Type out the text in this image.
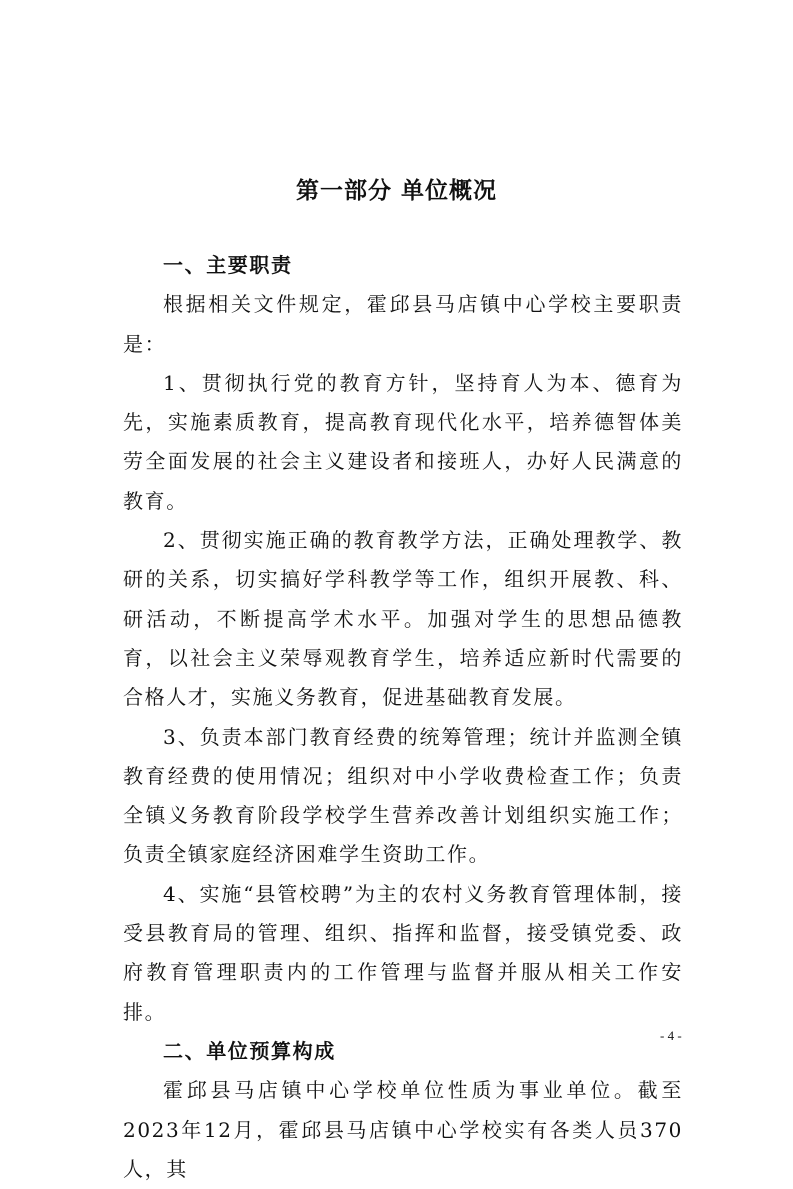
第一部分 单位概况
一、主要职责

根据相关文件规定，霍邱县马店镇中心学校主要职责是：

1、贯彻执行党的教育方针，坚持育人为本、德育为先，实施素质教育，提高教育现代化水平，培养德智体美劳全面发展的社会主义建设者和接班人，办好人民满意的教育。

2、贯彻实施正确的教育教学方法，正确处理教学、教研的关系，切实搞好学科教学等工作，组织开展教、科、研活动，不断提高学术水平。加强对学生的思想品德教育，以社会主义荣辱观教育学生，培养适应新时代需要的合格人才，实施义务教育，促进基础教育发展。

3、负责本部门教育经费的统筹管理；统计并监测全镇教育经费的使用情况；组织对中小学收费检查工作；负责全镇义务教育阶段学校学生营养改善计划组织实施工作；负责全镇家庭经济困难学生资助工作。

4、实施“县管校聘”为主的农村义务教育管理体制，接受县教育局的管理、组织、指挥和监督，接受镇党委、政府教育管理职责内的工作管理与监督并服从相关工作安排。

二、单位预算构成

霍邱县马店镇中心学校单位性质为事业单位。截至2023年12月，霍邱县马店镇中心学校实有各类人员370人，其

- 4 -
